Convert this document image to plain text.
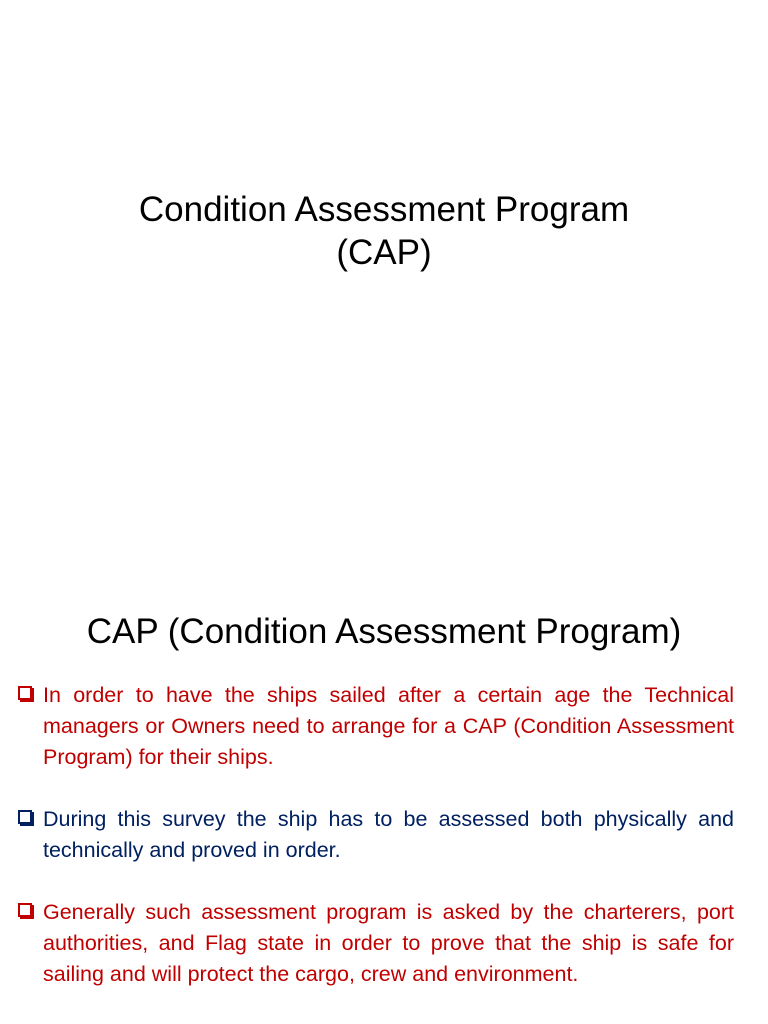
Condition Assessment Program
(CAP)
CAP (Condition Assessment Program)
In order to have the ships sailed after a certain age the Technical managers or Owners need to arrange for a CAP (Condition Assessment Program) for their ships.
During this survey the ship has to be assessed both physically and technically and proved in order.
Generally such assessment program is asked by the charterers, port authorities, and Flag state in order to prove that the ship is safe for sailing and will protect the cargo, crew and environment.
